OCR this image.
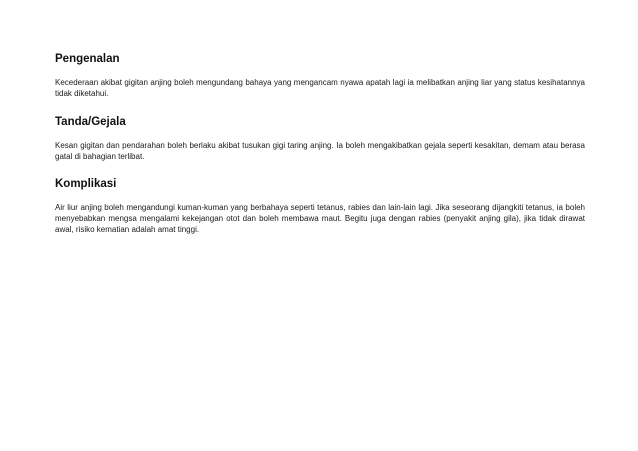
Pengenalan

Kecederaan akibat gigitan anjing boleh mengundang bahaya yang mengancam nyawa apatah lagi ia melibatkan anjing liar yang status kesihatannya tidak diketahui.

Tanda/Gejala

Kesan gigitan dan pendarahan boleh berlaku akibat tusukan gigi taring anjing. Ia boleh mengakibatkan gejala seperti kesakitan, demam atau berasa gatal di bahagian terlibat.

Komplikasi

Air liur anjing boleh mengandungi kuman-kuman yang berbahaya seperti tetanus, rabies dan lain-lain lagi. Jika seseorang dijangkiti tetanus, ia boleh menyebabkan mengsa mengalami kekejangan otot dan boleh membawa maut. Begitu juga dengan rabies (penyakit anjing gila), jika tidak dirawat awal, risiko kematian adalah amat tinggi.
